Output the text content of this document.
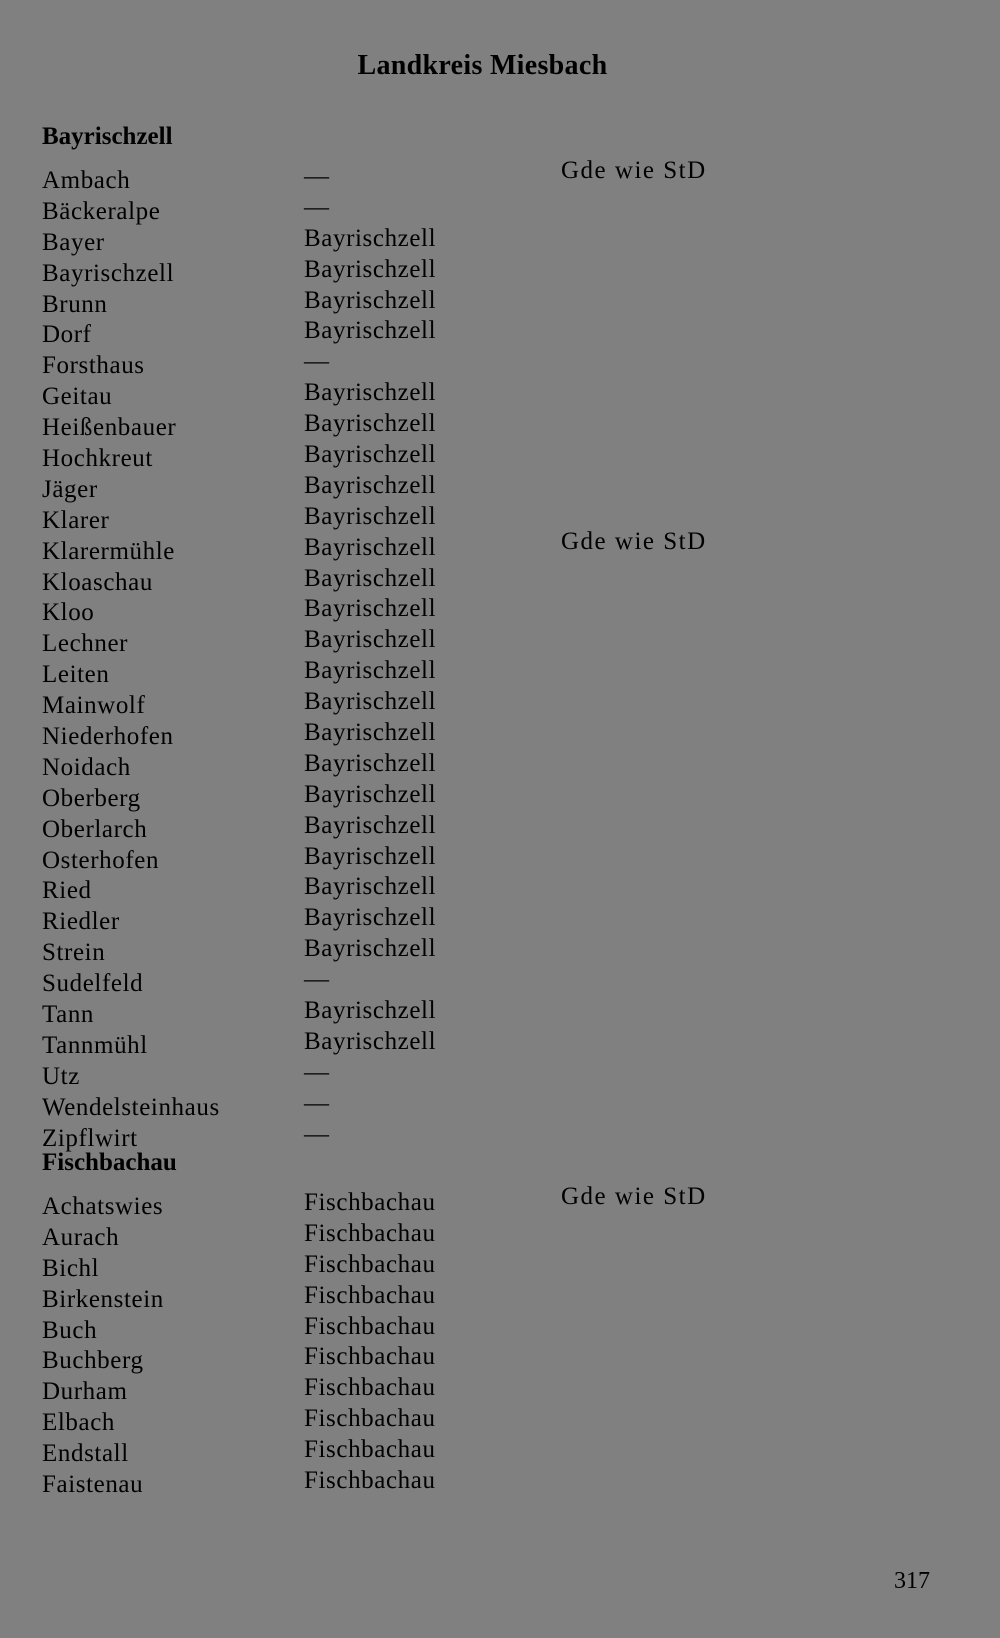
Landkreis Miesbach
Bayrischzell
Ambach	—	Gde wie StD
Bäckeralpe	—
Bayer	Bayrischzell
Bayrischzell	Bayrischzell
Brunn	Bayrischzell
Dorf	Bayrischzell
Forsthaus	—
Geitau	Bayrischzell
Heißenbauer	Bayrischzell
Hochkreut	Bayrischzell
Jäger	Bayrischzell
Klarer	Bayrischzell
Klarermühle	Bayrischzell	Gde wie StD
Kloaschau	Bayrischzell
Kloo	Bayrischzell
Lechner	Bayrischzell
Leiten	Bayrischzell
Mainwolf	Bayrischzell
Niederhofen	Bayrischzell
Noidach	Bayrischzell
Oberberg	Bayrischzell
Oberlarch	Bayrischzell
Osterhofen	Bayrischzell
Ried	Bayrischzell
Riedler	Bayrischzell
Strein	Bayrischzell
Sudelfeld	—
Tann	Bayrischzell
Tannmühl	Bayrischzell
Utz	—
Wendelsteinhaus	—
Zipflwirt	—
Fischbachau
Achatswies	Fischbachau	Gde wie StD
Aurach	Fischbachau
Bichl	Fischbachau
Birkenstein	Fischbachau
Buch	Fischbachau
Buchberg	Fischbachau
Durham	Fischbachau
Elbach	Fischbachau
Endstall	Fischbachau
Faistenau	Fischbachau
317
